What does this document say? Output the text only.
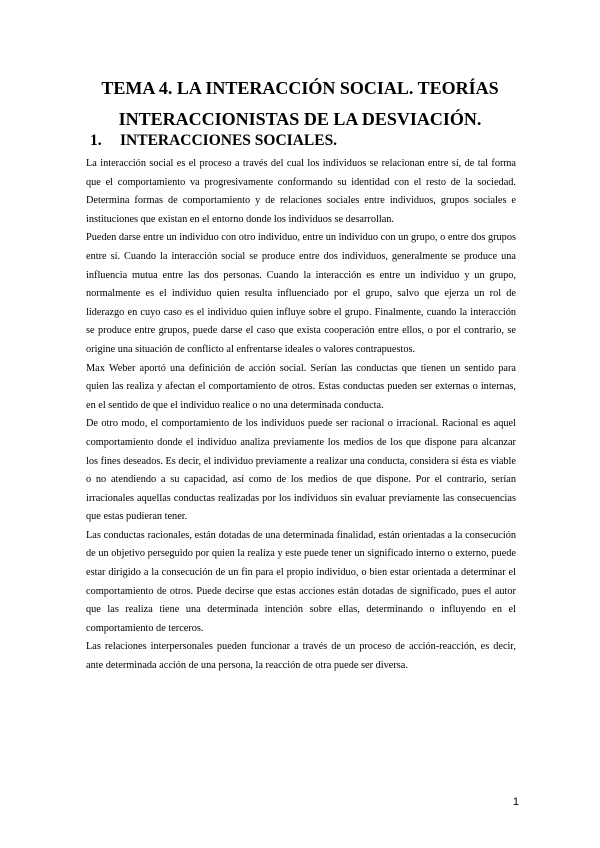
TEMA 4. LA INTERACCIÓN SOCIAL. TEORÍAS
INTERACCIONISTAS DE LA DESVIACIÓN.
1. INTERACCIONES SOCIALES.

La interacción social es el proceso a través del cual los individuos se relacionan entre sí, de tal forma que el comportamiento va progresivamente conformando su identidad con el resto de la sociedad. Determina formas de comportamiento y de relaciones sociales entre individuos, grupos sociales e instituciones que existan en el entorno donde los individuos se desarrollan.

Pueden darse entre un individuo con otro individuo, entre un individuo con un grupo, o entre dos grupos entre sí. Cuando la interacción social se produce entre dos individuos, generalmente se produce una influencia mutua entre las dos personas. Cuando la interacción es entre un individuo y un grupo, normalmente es el individuo quien resulta influenciado por el grupo, salvo que ejerza un rol de liderazgo en cuyo caso es el individuo quien influye sobre el grupo. Finalmente, cuando la interacción se produce entre grupos, puede darse el caso que exista cooperación entre ellos, o por el contrario, se origine una situación de conflicto al enfrentarse ideales o valores contrapuestos.

Max Weber aportó una definición de acción social. Serían las conductas que tienen un sentido para quien las realiza y afectan el comportamiento de otros. Estas conductas pueden ser externas o internas, en el sentido de que el individuo realice o no una determinada conducta.

De otro modo, el comportamiento de los individuos puede ser racional o irracional. Racional es aquel comportamiento donde el individuo analiza previamente los medios de los que dispone para alcanzar los fines deseados. Es decir, el individuo previamente a realizar una conducta, considera si ésta es viable o no atendiendo a su capacidad, así como de los medios de que dispone. Por el contrario, serían irracionales aquellas conductas realizadas por los individuos sin evaluar previamente las consecuencias que estas pudieran tener.

Las conductas racionales, están dotadas de una determinada finalidad, están orientadas a la consecución de un objetivo perseguido por quien la realiza y este puede tener un significado interno o externo, puede estar dirigido a la consecución de un fin para el propio individuo, o bien estar orientada a determinar el comportamiento de otros. Puede decirse que estas acciones están dotadas de significado, pues el autor que las realiza tiene una determinada intención sobre ellas, determinando o influyendo en el comportamiento de terceros.

Las relaciones interpersonales pueden funcionar a través de un proceso de acción-reacción, es decir, ante determinada acción de una persona, la reacción de otra puede ser diversa.

1
